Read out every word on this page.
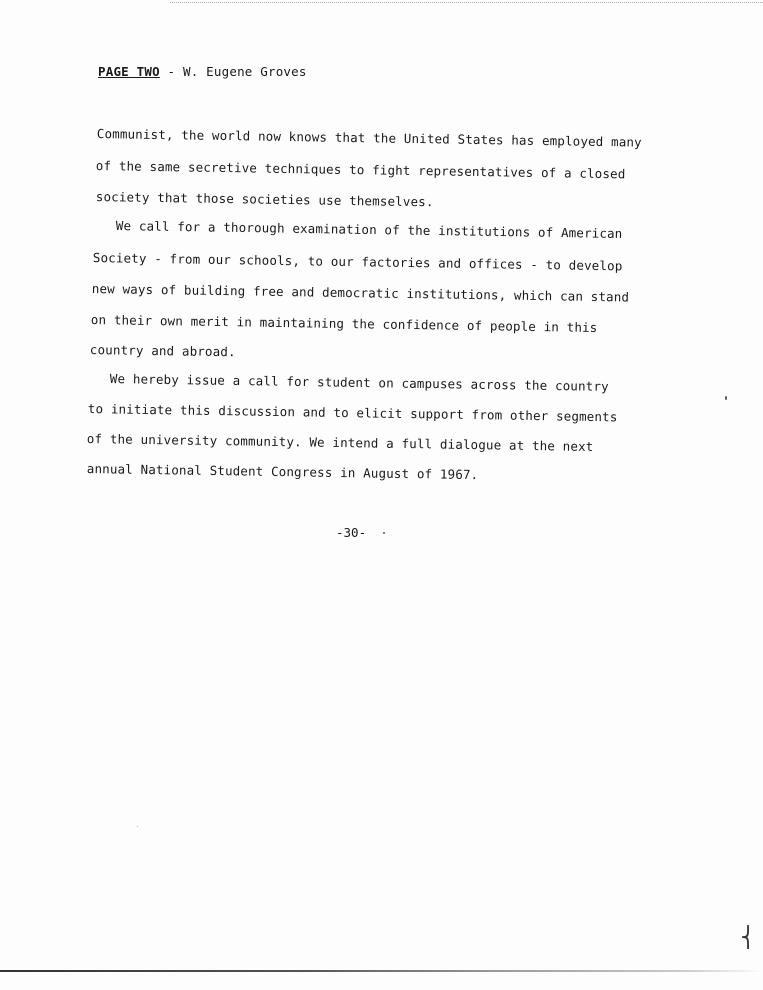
PAGE TWO - W. Eugene Groves
Communist, the world now knows that the United States has employed many
of the same secretive techniques to fight representatives of a closed
society that those societies use themselves.
We call for a thorough examination of the institutions of American
Society - from our schools, to our factories and offices - to develop
new ways of building free and democratic institutions, which can stand
on their own merit in maintaining the confidence of people in this
country and abroad.
We hereby issue a call for student on campuses across the country
to initiate this discussion and to elicit support from other segments
of the university community. We intend a full dialogue at the next
annual National Student Congress in August of 1967.
-30-
⎨
